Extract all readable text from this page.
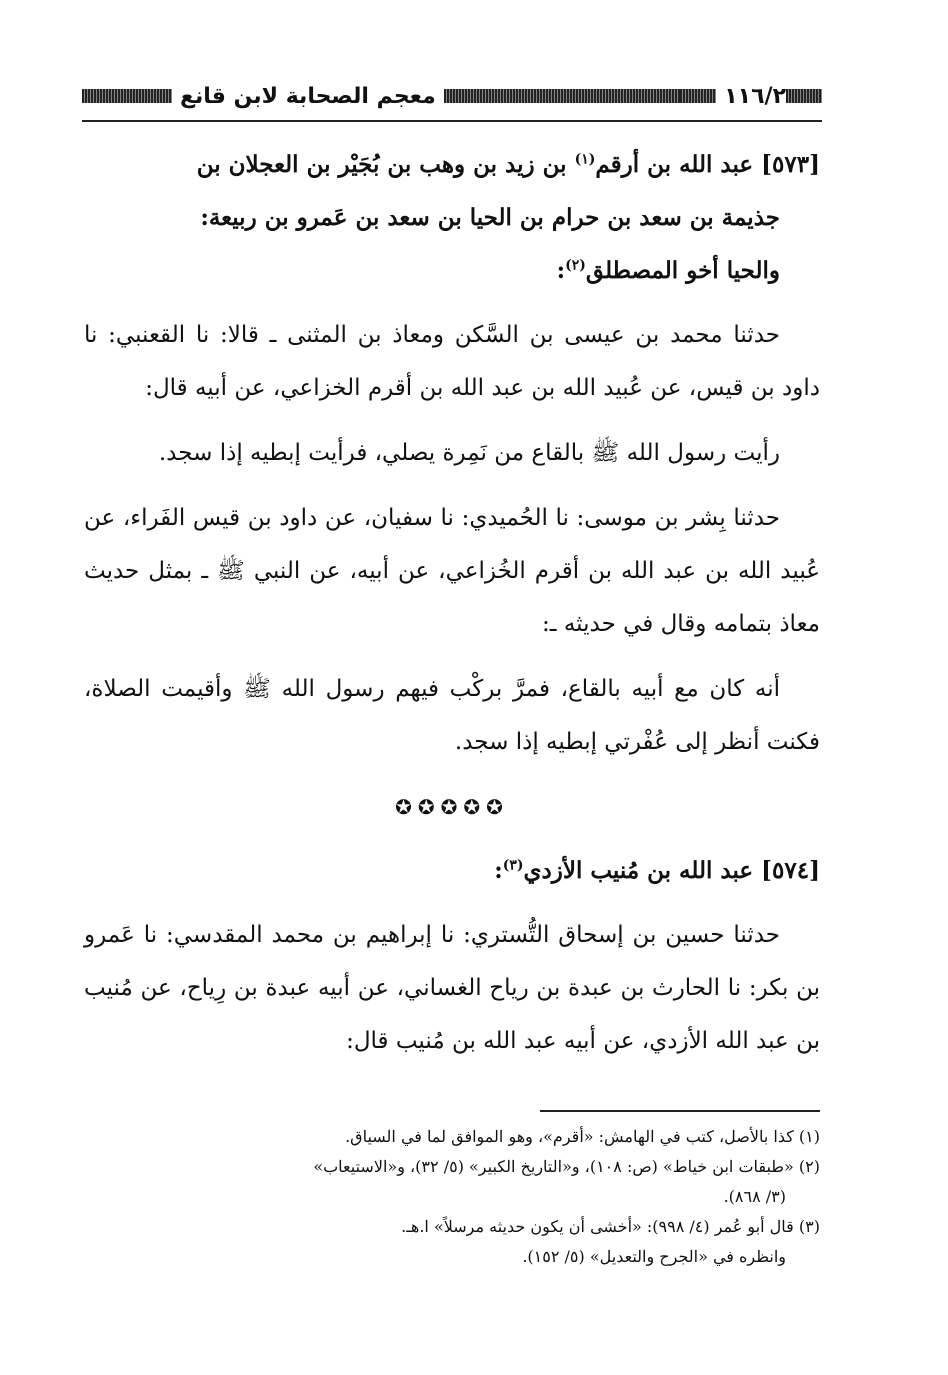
١١٦/٢
معجم الصحابة لابن قانع

[٥٧٣] عبد الله بن أرقم$^{(١)}$ بن زيد بن وهب بن بُجَيْر بن العجلان بن

جذيمة بن سعد بن حرام بن الحيا بن سعد بن عَمرو بن ربيعة:

والحيا أخو المصطلق$^{(٢)}$:

حدثنا محمد بن عيسى بن السَّكن ومعاذ بن المثنى ـ قالا: نا القعنبي: نا داود بن قيس، عن عُبيد الله بن عبد الله بن أقرم الخزاعي، عن أبيه قال:

رأيت رسول الله ﷺ بالقاع من نَمِرة يصلي، فرأيت إبطيه إذا سجد.

حدثنا بِشر بن موسى: نا الحُميدي: نا سفيان، عن داود بن قيس الفَراء، عن عُبيد الله بن عبد الله بن أقرم الخُزاعي، عن أبيه، عن النبي ﷺ ـ بمثل حديث معاذ بتمامه وقال في حديثه ـ:

أنه كان مع أبيه بالقاع، فمرَّ بركْب فيهم رسول الله ﷺ وأقيمت الصلاة، فكنت أنظر إلى عُفْرتي إبطيه إذا سجد.

✪✪✪✪✪

[٥٧٤] عبد الله بن مُنيب الأزدي$^{(٣)}$:

حدثنا حسين بن إسحاق التُّستري: نا إبراهيم بن محمد المقدسي: نا عَمرو بن بكر: نا الحارث بن عبدة بن رياح الغساني، عن أبيه عبدة بن رِياح، عن مُنيب بن عبد الله الأزدي، عن أبيه عبد الله بن مُنيب قال:

(١) كذا بالأصل، كتب في الهامش: «أقرم»، وهو الموافق لما في السياق.
(٢) «طبقات ابن خياط» (ص: ١٠٨)، و«التاريخ الكبير» (٥/ ٣٢)، و«الاستيعاب»
(٣/ ٨٦٨).
(٣) قال أبو عُمر (٤/ ٩٩٨): «أخشى أن يكون حديثه مرسلاً» ا.هـ.
وانظره في «الجرح والتعديل» (٥/ ١٥٢).
